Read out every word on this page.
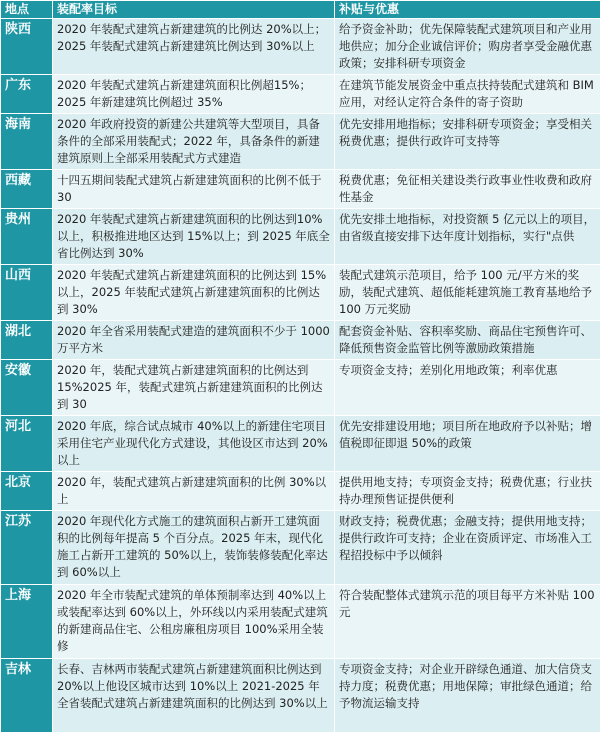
地点	装配率目标	补贴与优惠
陕西	2020 年装配式建筑占新建建筑的比例达 20%以上；2025 年装配式建筑占新建建筑比例达到 30%以上	给予资金补助；优先保障装配式建筑项目和产业用地供应；加分企业诚信评价；购房者享受金融优惠政策；安排科研专项资金
广东	2020 年装配式建筑占新建建筑面积比例超15%；2025 年新建建筑比例超过 35%	在建筑节能发展资金中重点扶持装配式建筑和 BIM 应用，对经认定符合条件的寄子资助
海南	2020 年政府投资的新建公共建筑等大型项目，具备条件的全部采用装配式；2022 年，具备条件的新建建筑原则上全部采用装配式方式建造	优先安排用地指标；安排科研专项资金；享受相关税费优惠；提供行政许可支持等
西藏	十四五期间装配式建筑占新建建筑面积的比例不低于 30	税费优惠；免征相关建设类行政事业性收费和政府性基金
贵州	2020 年装配式建筑占新建建筑面积的比例达到10%以上，积极推进地区达到 15%以上；到 2025 年底全省比例达到 30%	优先安排土地指标，对投资额 5 亿元以上的项目，由省级直接安排下达年度计划指标，实行"点供
山西	2020 年装配式建筑占新建建筑面积的比例达到 15%以上，2025 年装配式建筑占新建建筑面积的比例达到 30%	装配式建筑示范项目，给予 100 元/平方米的奖励，装配式建筑、超低能耗建筑施工教育基地给予 100 万元奖励
湖北	2020 年全省采用装配式建造的建筑面积不少于 1000 万平方米	配套资金补贴、容积率奖励、商品住宅预售许可、降低预售资金监管比例等激励政策措施
安徽	2020 年，装配式建筑占新建建筑面积的比例达到15%2025 年，装配式建筑占新建建筑面积的比例达到 30	专项资金支持；差别化用地政策；利率优惠
河北	2020 年底，综合试点城市 40%以上的新建住宅项目采用住宅产业现代化方式建设，其他设区市达到 20%以上	优先安排建设用地；项目所在地政府予以补贴；增值税即征即退 50%的政策
北京	2020 年，装配式建筑占新建建筑面积的比例 30%以上	提供用地支持；专项资金支持；税费优惠；行业扶持办理预售证提供便利
江苏	2020 年现代化方式施工的建筑面积占新开工建筑面积的比例每年提高 5 个百分点。2025 年末，现代化施工占新开工建筑的 50%以上，装饰装修装配化率达到 60%以上	财政支持；税费优惠；金融支持；提供用地支持；提供行政许可支持；企业在资质评定、市场准入工程招投标中予以倾斜
上海	2020 年全市装配式建筑的单体预制率达到 40%以上或装配率达到 60%以上，外环线以内采用装配式建筑的新建商品住宅、公租房廉租房项目 100%采用全装修	符合装配整体式建筑示范的项目每平方米补贴 100 元
吉林	长春、吉林两市装配式建筑占新建建筑面积比例达到 20%以上他设区城市达到 10%以上 2021-2025 年全省装配式建筑占新建建筑面积的比例达到 30%以上	专项资金支持；对企业开辟绿色通道、加大信贷支持力度；税费优惠；用地保障；审批绿色通道；给予物流运输支持
